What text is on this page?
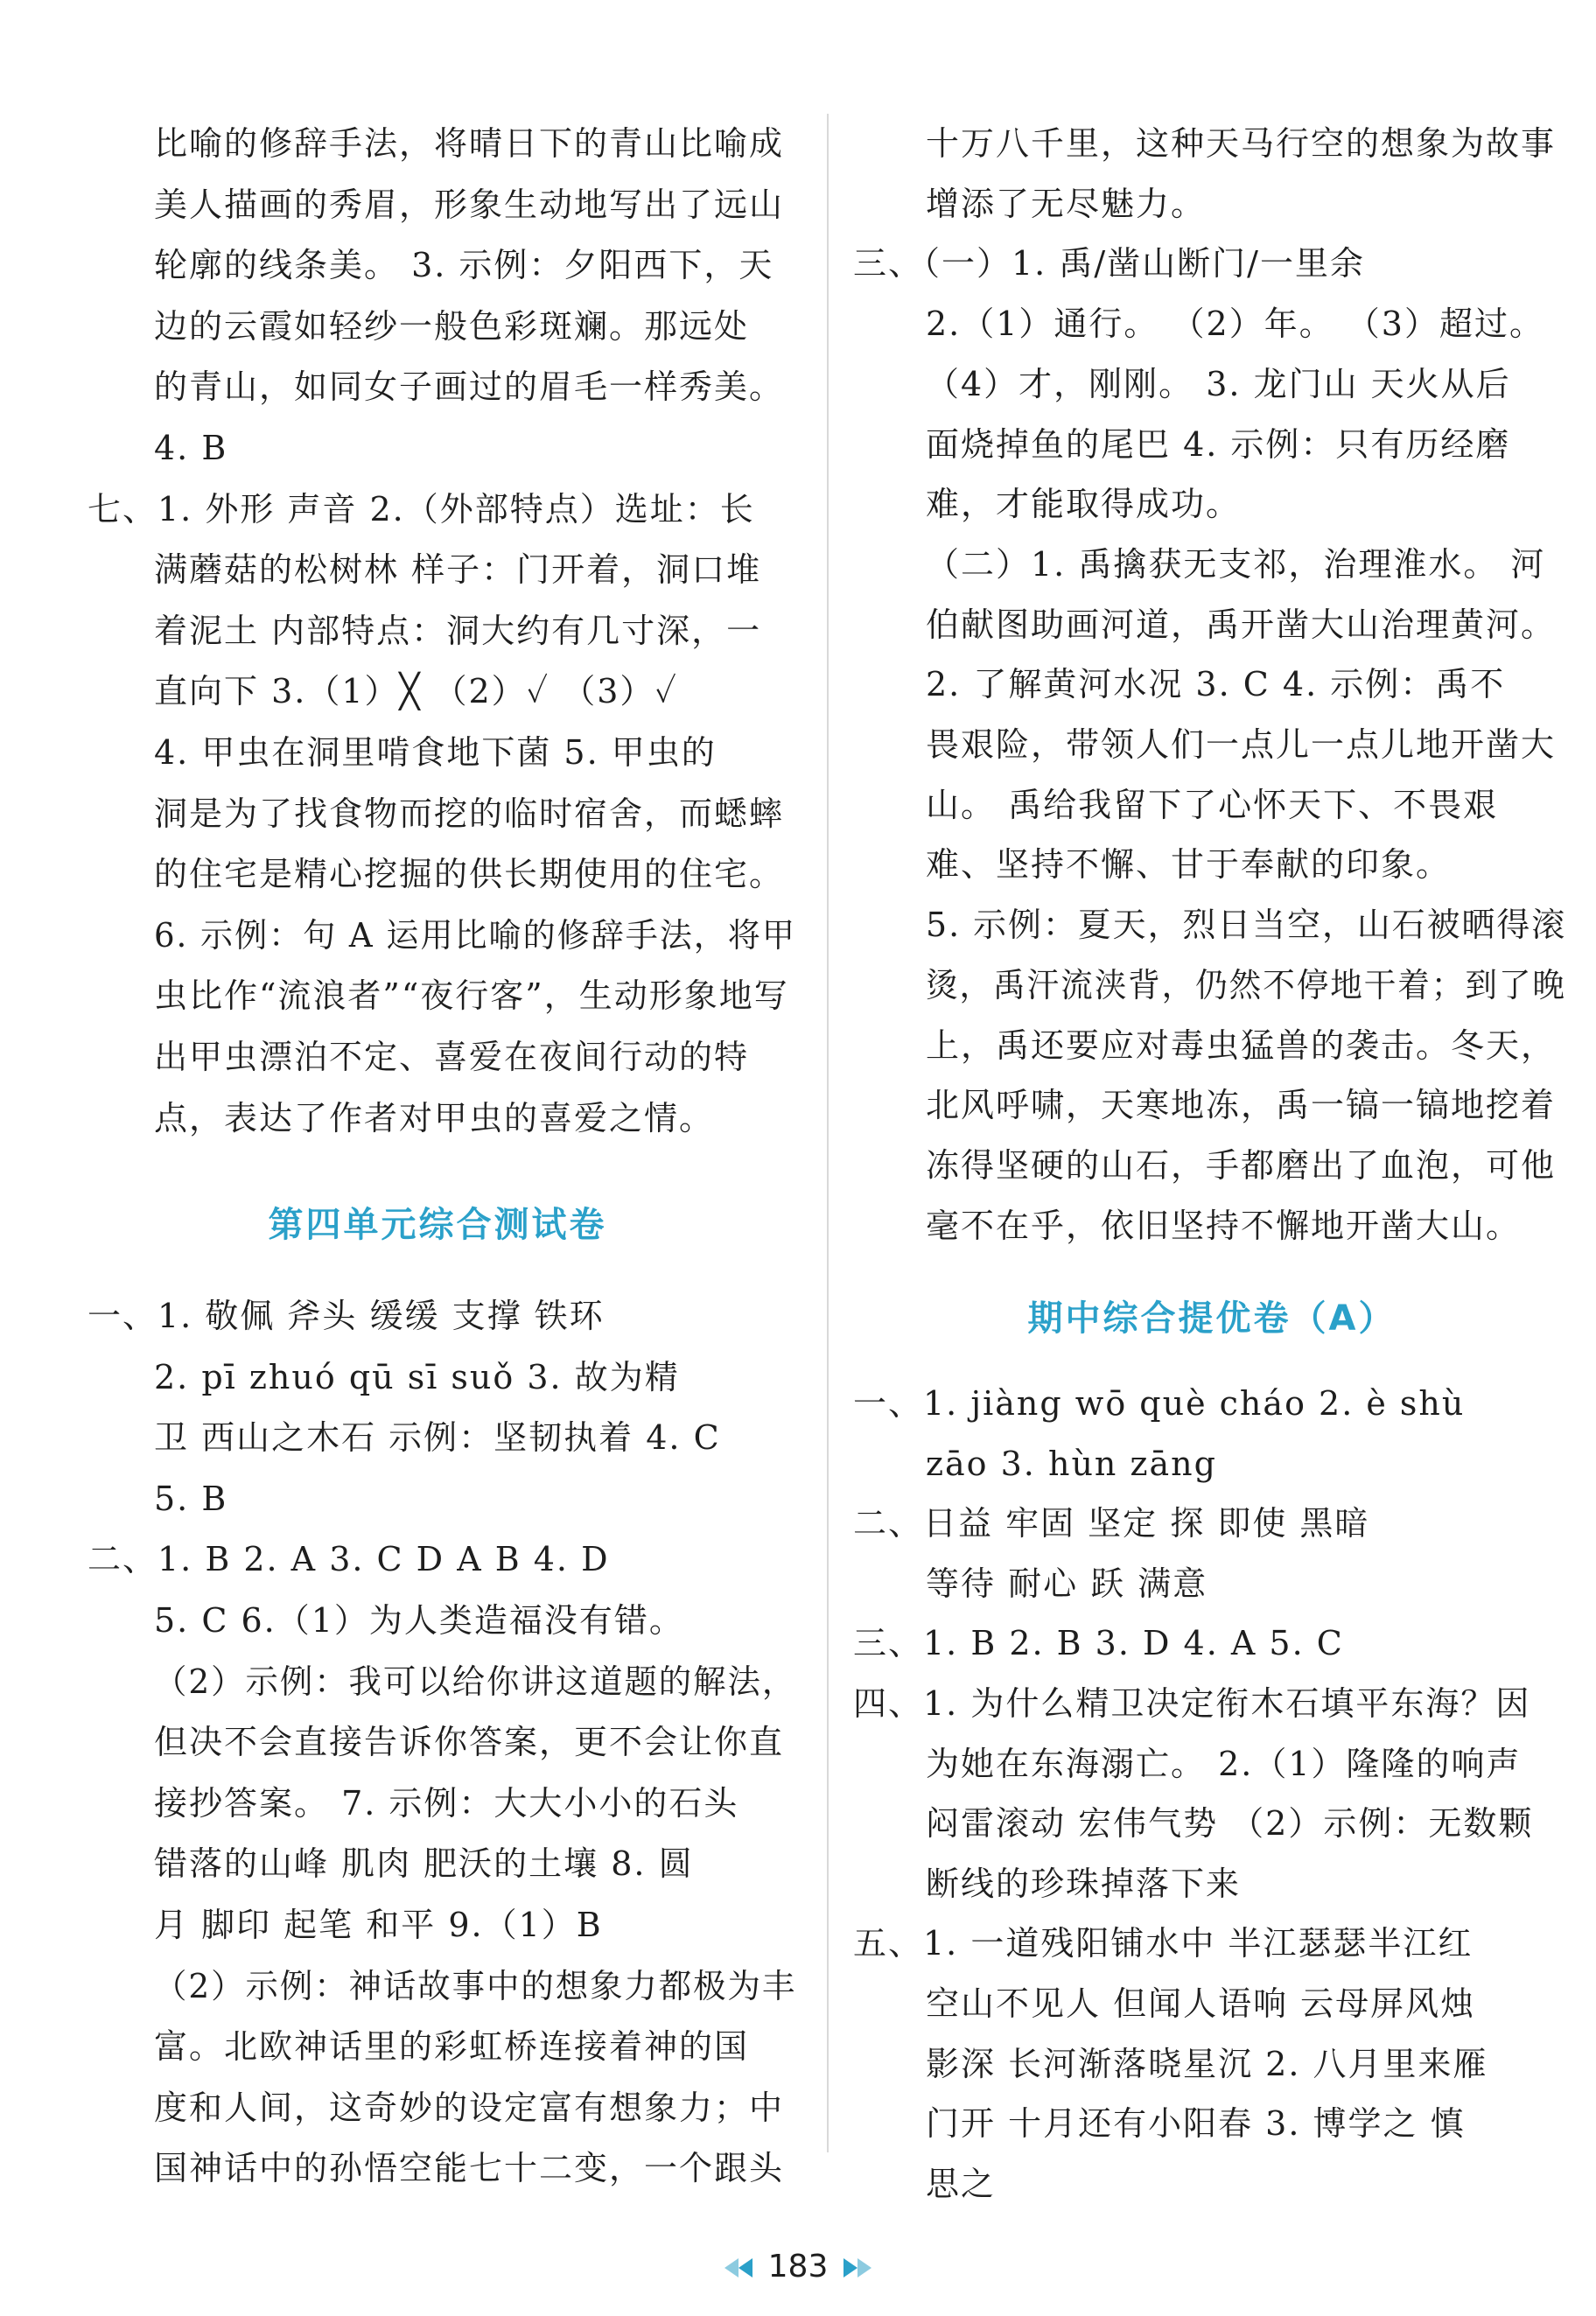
比喻的修辞手法，将晴日下的青山比喻成
美人描画的秀眉，形象生动地写出了远山
轮廓的线条美。 3. 示例：夕阳西下，天
边的云霞如轻纱一般色彩斑斓。那远处
的青山，如同女子画过的眉毛一样秀美。
4. B
七、1. 外形 声音 2.（外部特点）选址：长
满蘑菇的松树林 样子：门开着，洞口堆
着泥土 内部特点：洞大约有几寸深，一
直向下 3.（1）╳ （2）✓ （3）✓
4. 甲虫在洞里啃食地下菌 5. 甲虫的
洞是为了找食物而挖的临时宿舍，而蟋蟀
的住宅是精心挖掘的供长期使用的住宅。
6. 示例：句 A 运用比喻的修辞手法，将甲
虫比作“流浪者”“夜行客”，生动形象地写
出甲虫漂泊不定、喜爱在夜间行动的特
点，表达了作者对甲虫的喜爱之情。
第四单元综合测试卷
一、1. 敬佩 斧头 缓缓 支撑 铁环
2. pī zhuó qū sī suǒ 3. 故为精
卫 西山之木石 示例：坚韧执着 4. C
5. B
二、1. B 2. A 3. C D A B 4. D
5. C 6.（1）为人类造福没有错。
（2）示例：我可以给你讲这道题的解法，
但决不会直接告诉你答案，更不会让你直
接抄答案。 7. 示例：大大小小的石头
错落的山峰 肌肉 肥沃的土壤 8. 圆
月 脚印 起笔 和平 9.（1）B
（2）示例：神话故事中的想象力都极为丰
富。北欧神话里的彩虹桥连接着神的国
度和人间，这奇妙的设定富有想象力；中
国神话中的孙悟空能七十二变，一个跟头
十万八千里，这种天马行空的想象为故事
增添了无尽魅力。
三、（一）1. 禹/凿山断门/一里余
2.（1）通行。 （2）年。 （3）超过。
（4）才，刚刚。 3. 龙门山 天火从后
面烧掉鱼的尾巴 4. 示例：只有历经磨
难，才能取得成功。
（二）1. 禹擒获无支祁，治理淮水。 河
伯献图助画河道，禹开凿大山治理黄河。
2. 了解黄河水况 3. C 4. 示例：禹不
畏艰险，带领人们一点儿一点儿地开凿大
山。 禹给我留下了心怀天下、不畏艰
难、坚持不懈、甘于奉献的印象。
5. 示例：夏天，烈日当空，山石被晒得滚
烫，禹汗流浃背，仍然不停地干着；到了晚
上，禹还要应对毒虫猛兽的袭击。冬天，
北风呼啸，天寒地冻，禹一镐一镐地挖着
冻得坚硬的山石，手都磨出了血泡，可他
毫不在乎，依旧坚持不懈地开凿大山。
期中综合提优卷（A）
一、1. jiàng wō què cháo 2. è shù
zāo 3. hùn zāng
二、日益 牢固 坚定 探 即使 黑暗
等待 耐心 跃 满意
三、1. B 2. B 3. D 4. A 5. C
四、1. 为什么精卫决定衔木石填平东海？因
为她在东海溺亡。 2.（1）隆隆的响声
闷雷滚动 宏伟气势 （2）示例：无数颗
断线的珍珠掉落下来
五、1. 一道残阳铺水中 半江瑟瑟半江红
空山不见人 但闻人语响 云母屏风烛
影深 长河渐落晓星沉 2. 八月里来雁
门开 十月还有小阳春 3. 博学之 慎
思之
183
